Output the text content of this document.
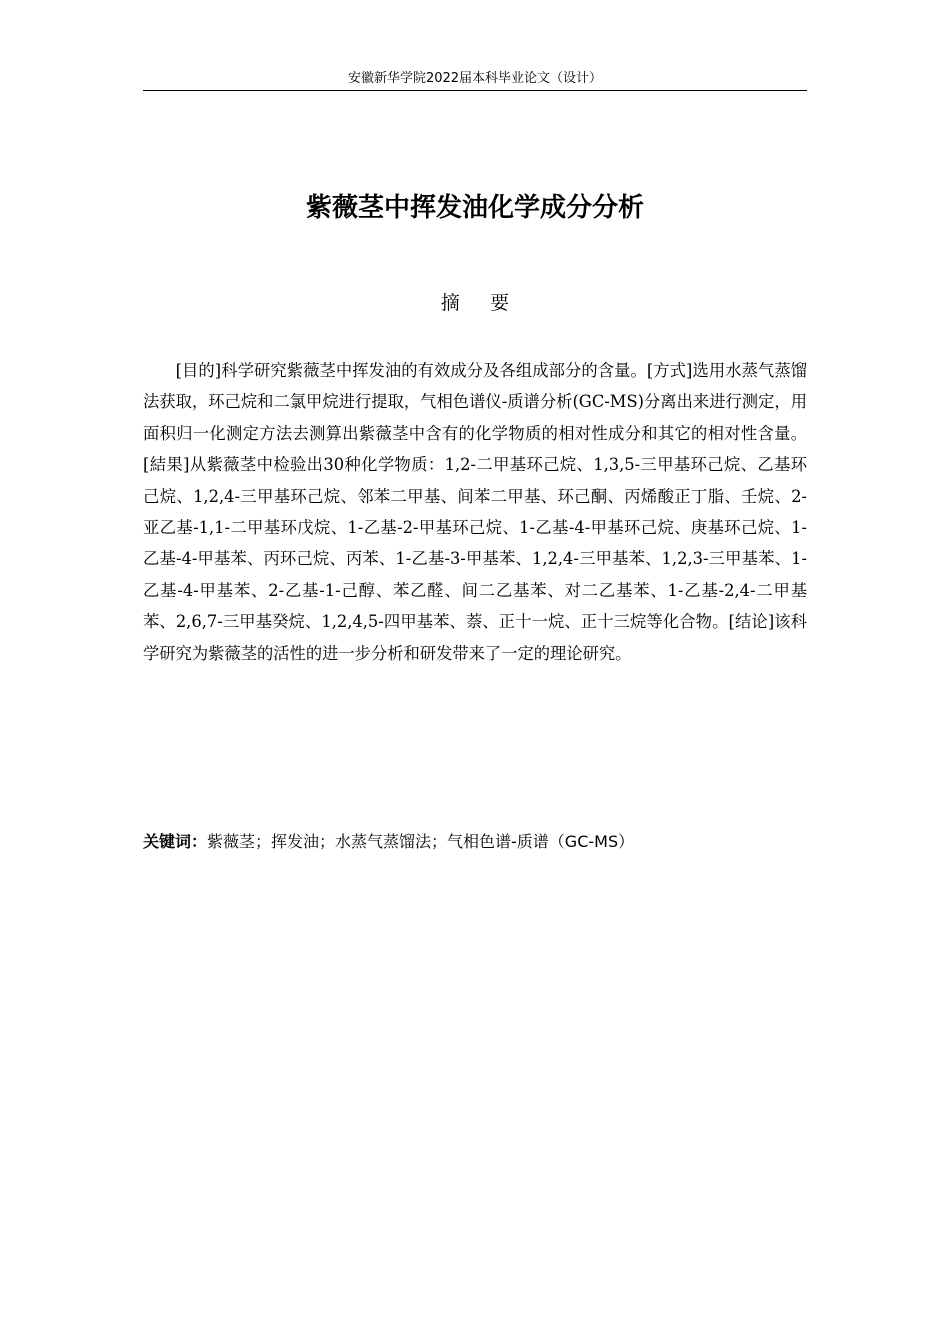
安徽新华学院2022届本科毕业论文（设计）
紫薇茎中挥发油化学成分分析
摘要

[目的]科学研究紫薇茎中挥发油的有效成分及各组成部分的含量。[方式]选用水蒸气蒸馏法获取，环己烷和二氯甲烷进行提取，气相色谱仪-质谱分析(GC-MS)分离出来进行测定，用面积归一化测定方法去测算出紫薇茎中含有的化学物质的相对性成分和其它的相对性含量。[結果]从紫薇茎中检验出30种化学物质：1,2-二甲基环己烷、1,3,5-三甲基环己烷、乙基环己烷、1,2,4-三甲基环己烷、邻苯二甲基、间苯二甲基、环己酮、丙烯酸正丁脂、壬烷、2-亚乙基-1,1-二甲基环戊烷、1-乙基-2-甲基环己烷、1-乙基-4-甲基环己烷、庚基环己烷、1-乙基-4-甲基苯、丙环己烷、丙苯、1-乙基-3-甲基苯、1,2,4-三甲基苯、1,2,3-三甲基苯、1-乙基-4-甲基苯、2-乙基-1-己醇、苯乙醛、间二乙基苯、对二乙基苯、1-乙基-2,4-二甲基苯、2,6,7-三甲基癸烷、1,2,4,5-四甲基苯、萘、正十一烷、正十三烷等化合物。[结论]该科学研究为紫薇茎的活性的进一步分析和研发带来了一定的理论研究。

关键词：紫薇茎；挥发油；水蒸气蒸馏法；气相色谱-质谱（GC-MS）
